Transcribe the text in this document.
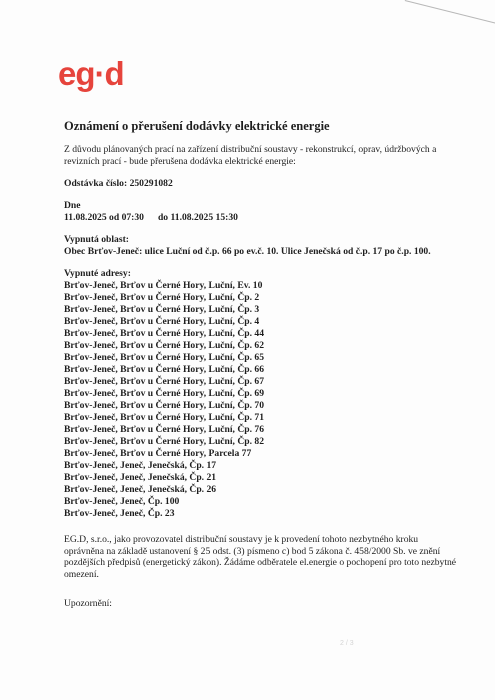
eg·d
Oznámení o přerušení dodávky elektrické energie
Z důvodu plánovaných prací na zařízení distribuční soustavy - rekonstrukcí, oprav, údržbových a revizních prací - bude přerušena dodávka elektrické energie:
Odstávka číslo: 250291082
Dne
11.08.2025 od 07:30 do 11.08.2025 15:30
Vypnutá oblast:
Obec Brťov-Jeneč: ulice Luční od č.p. 66 po ev.č. 10. Ulice Jenečská od č.p. 17 po č.p. 100.
Vypnuté adresy:
Brťov-Jeneč, Brťov u Černé Hory, Luční, Ev. 10
Brťov-Jeneč, Brťov u Černé Hory, Luční, Čp. 2
Brťov-Jeneč, Brťov u Černé Hory, Luční, Čp. 3
Brťov-Jeneč, Brťov u Černé Hory, Luční, Čp. 4
Brťov-Jeneč, Brťov u Černé Hory, Luční, Čp. 44
Brťov-Jeneč, Brťov u Černé Hory, Luční, Čp. 62
Brťov-Jeneč, Brťov u Černé Hory, Luční, Čp. 65
Brťov-Jeneč, Brťov u Černé Hory, Luční, Čp. 66
Brťov-Jeneč, Brťov u Černé Hory, Luční, Čp. 67
Brťov-Jeneč, Brťov u Černé Hory, Luční, Čp. 69
Brťov-Jeneč, Brťov u Černé Hory, Luční, Čp. 70
Brťov-Jeneč, Brťov u Černé Hory, Luční, Čp. 71
Brťov-Jeneč, Brťov u Černé Hory, Luční, Čp. 76
Brťov-Jeneč, Brťov u Černé Hory, Luční, Čp. 82
Brťov-Jeneč, Brťov u Černé Hory, Parcela 77
Brťov-Jeneč, Jeneč, Jenečská, Čp. 17
Brťov-Jeneč, Jeneč, Jenečská, Čp. 21
Brťov-Jeneč, Jeneč, Jenečská, Čp. 26
Brťov-Jeneč, Jeneč, Čp. 100
Brťov-Jeneč, Jeneč, Čp. 23
EG.D, s.r.o., jako provozovatel distribuční soustavy je k provedení tohoto nezbytného kroku oprávněna na základě ustanovení § 25 odst. (3) písmeno c) bod 5 zákona č. 458/2000 Sb. ve znění pozdějších předpisů (energetický zákon). Žádáme odběratele el.energie o pochopení pro toto nezbytné omezení.
Upozornění:
2 / 3
